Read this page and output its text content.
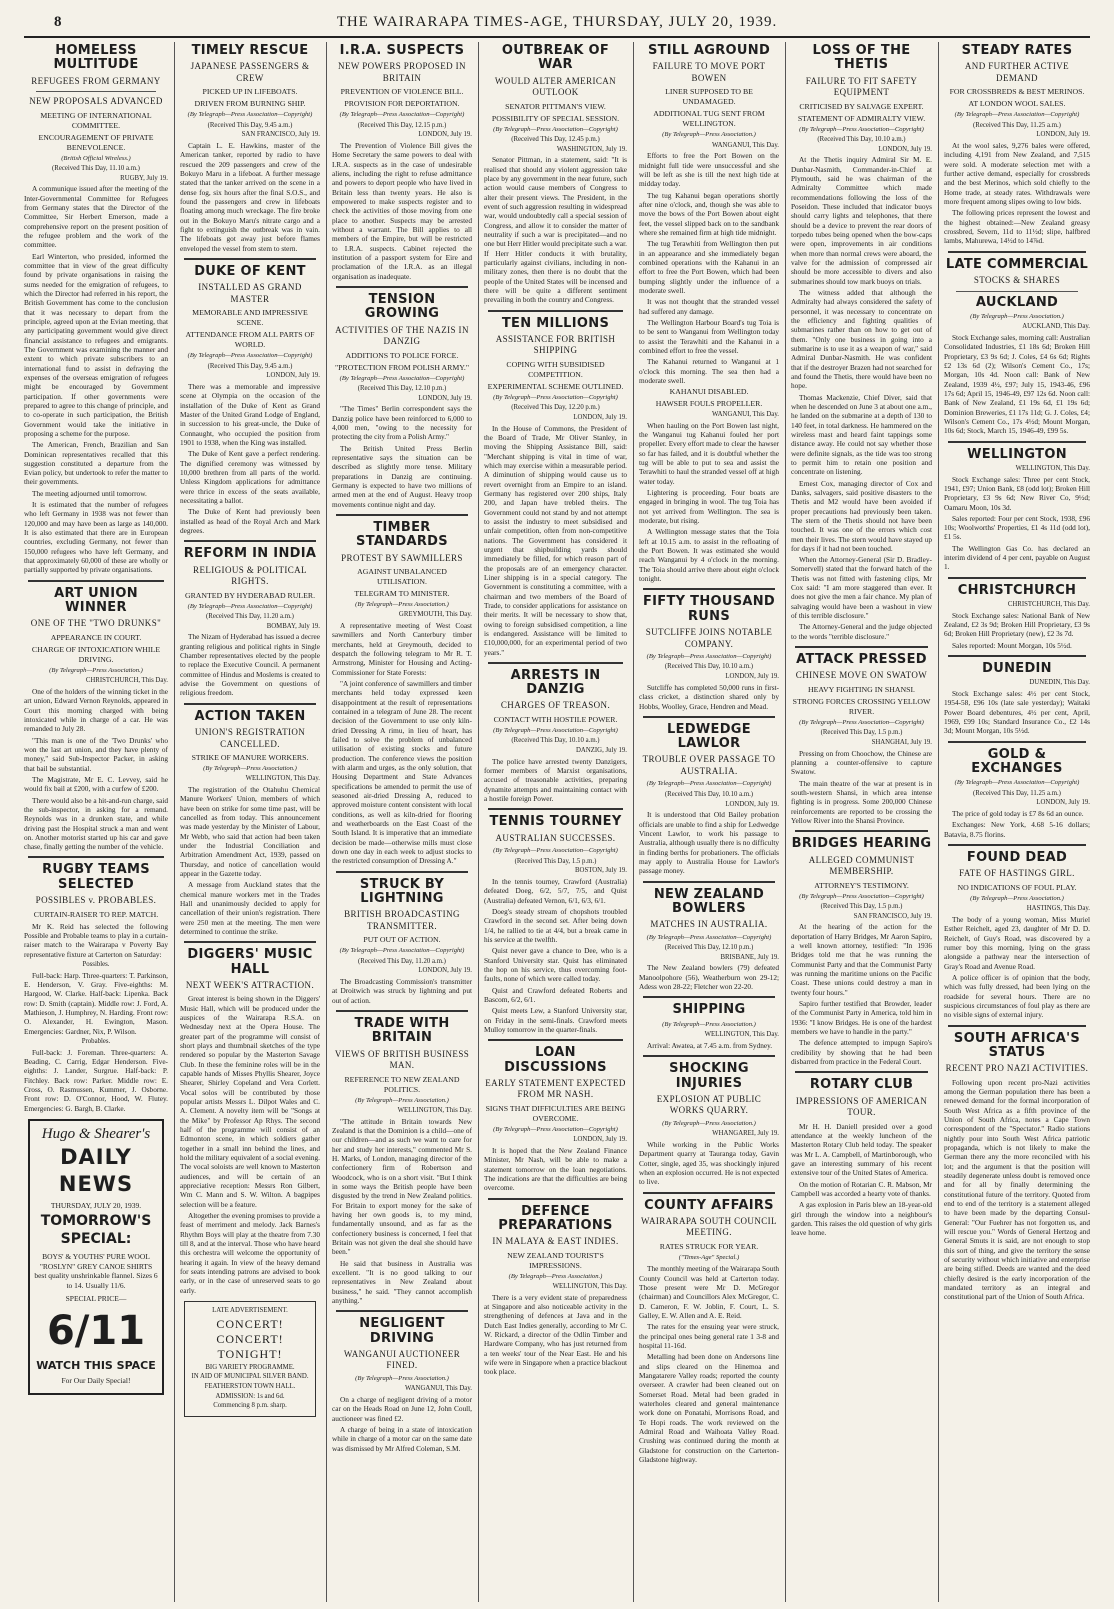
8	THE WAIRARAPA TIMES-AGE, THURSDAY, JULY 20, 1939.
HOMELESS MULTITUDE
REFUGEES FROM GERMANY
NEW PROPOSALS ADVANCED
MEETING OF INTERNATIONAL COMMITTEE.
ENCOURAGEMENT OF PRIVATE BENEVOLENCE.
(British Official Wireless.)
(Received This Day, 11.10 a.m.)
RUGBY, July 19.

A communique issued after the meeting of the Inter-Governmental Committee for Refugees from Germany states that the Director of the Committee, Sir Herbert Emerson, made a comprehensive report on the present position of the refugee problem and the work of the committee.

Earl Winterton, who presided, informed the committee that in view of the great difficulty found by private organisations in raising the sums needed for the emigration of refugees, to which the Director had referred in his report, the British Government has come to the conclusion that it was necessary to depart from the principle, agreed upon at the Evian meeting, that any participating government would give direct financial assistance to refugees and emigrants. The Government was examining the manner and extent to which private subscribers to an international fund to assist in defraying the expenses of the overseas emigration of refugees might be encouraged by Government participation. If other governments were prepared to agree to this change of principle, and to co-operate in such participation, the British Government would take the initiative in proposing a scheme for the purpose.

The American, French, Brazilian and San Dominican representatives recalled that this suggestion constituted a departure from the Evian policy, but undertook to refer the matter to their governments.

The meeting adjourned until tomorrow.

It is estimated that the number of refugees who left Germany in 1938 was not fewer than 120,000 and may have been as large as 140,000. It is also estimated that there are in European countries, excluding Germany, not fewer than 150,000 refugees who have left Germany, and that approximately 60,000 of these are wholly or partially supported by private organisations.

ART UNION WINNER
ONE OF THE "TWO DRUNKS"
APPEARANCE IN COURT.
CHARGE OF INTOXICATION WHILE DRIVING.
(By Telegraph—Press Association.)
CHRISTCHURCH, This Day.

One of the holders of the winning ticket in the art union, Edward Vernon Reynolds, appeared in Court this morning charged with being intoxicated while in charge of a car. He was remanded to July 28.

"This man is one of the 'Two Drunks' who won the last art union, and they have plenty of money," said Sub-Inspector Packer, in asking that bail be substantial.

The Magistrate, Mr E. C. Levvey, said he would fix bail at £200, with a curfew of £200.

There would also be a hit-and-run charge, said the sub-inspector, in asking for a remand. Reynolds was in a drunken state, and while driving past the Hospital struck a man and went on. Another motorist started up his car and gave chase, finally getting the number of the vehicle.

RUGBY TEAMS SELECTED
POSSIBLES v. PROBABLES.
CURTAIN-RAISER TO REP. MATCH.

Mr K. Reid has selected the following Possible and Probable teams to play in a curtain-raiser match to the Wairarapa v Poverty Bay representative fixture at Carterton on Saturday:

Possibles.

Full-back: Harp. Three-quarters: T. Parkinson, E. Henderson, V. Gray. Five-eighths: M. Hargood, W. Clarke. Half-back: Lipenka. Back row: D. Smith (captain). Middle row: J. Ford, A. Mathieson, J. Humphrey, N. Harding. Front row: O. Alexander, H. Ewington, Mason. Emergencies: Gardner, Nix, P. Wilson.

Probables.

Full-back: J. Foreman. Three-quarters: A. Beading, C. Carrig, Edgar Henderson. Five-eighths: J. Lander, Surgrue. Half-back: P. Fitchley. Back row: Parker. Middle row: E. Cross, O. Rasmussen, Kummer, J. Osborne. Front row: D. O'Connor, Hood, W. Flutey. Emergencies: G. Bargh, B. Clarke.

Hugo & Shearer's
DAILY NEWS
THURSDAY, JULY 20, 1939.
TOMORROW'S
SPECIAL:
BOYS' & YOUTHS' PURE WOOL "ROSLYN" GREY CANOE SHIRTS best quality unshrinkable flannel. Sizes 6 to 14. Usually 11/6.
SPECIAL PRICE—
6/11
WATCH THIS SPACE
For Our Daily Special!
TIMELY RESCUE
JAPANESE PASSENGERS & CREW
PICKED UP IN LIFEBOATS.
DRIVEN FROM BURNING SHIP.
(By Telegraph—Press Association—Copyright)
(Received This Day, 9.45 a.m.)
SAN FRANCISCO, July 19.

Captain L. E. Hawkins, master of the American tanker, reported by radio to have rescued the 209 passengers and crew of the Bokuyo Maru in a lifeboat. A further message stated that the tanker arrived on the scene in a dense fog, six hours after the final S.O.S., and found the passengers and crew in lifeboats floating among much wreckage. The fire broke out in the Bokuyo Maru's nitrate cargo and a fight to extinguish the outbreak was in vain. The lifeboats got away just before flames enveloped the vessel from stem to stern.

DUKE OF KENT
INSTALLED AS GRAND MASTER
MEMORABLE AND IMPRESSIVE SCENE.
ATTENDANCE FROM ALL PARTS OF WORLD.
(By Telegraph—Press Association—Copyright)
(Received This Day, 9.45 a.m.)
LONDON, July 19.

There was a memorable and impressive scene at Olympia on the occasion of the installation of the Duke of Kent as Grand Master of the United Grand Lodge of England, in succession to his great-uncle, the Duke of Connaught, who occupied the position from 1901 to 1938, when the King was installed.

The Duke of Kent gave a perfect rendering. The dignified ceremony was witnessed by 10,000 brethren from all parts of the world. Unless Kingdom applications for admittance were thrice in excess of the seats available, necessitating a ballot.

The Duke of Kent had previously been installed as head of the Royal Arch and Mark degrees.

REFORM IN INDIA
RELIGIOUS & POLITICAL RIGHTS.
GRANTED BY HYDERABAD RULER.
(By Telegraph—Press Association—Copyright)
(Received This Day, 11.20 a.m.)
BOMBAY, July 19.

The Nizam of Hyderabad has issued a decree granting religious and political rights in Single Chamber representatives elected by the people to replace the Executive Council. A permanent committee of Hindus and Moslems is created to advise the Government on questions of religious freedom.

ACTION TAKEN
UNION'S REGISTRATION CANCELLED.
STRIKE OF MANURE WORKERS.
(By Telegraph—Press Association.)
WELLINGTON, This Day.

The registration of the Otahuhu Chemical Manure Workers' Union, members of which have been on strike for some time past, will be cancelled as from today. This announcement was made yesterday by the Minister of Labour, Mr Webb, who said that action had been taken under the Industrial Conciliation and Arbitration Amendment Act, 1939, passed on Thursday, and notice of cancellation would appear in the Gazette today.

A message from Auckland states that the chemical manure workers met in the Trades Hall and unanimously decided to apply for cancellation of their union's registration. There were 250 men at the meeting. The men were determined to continue the strike.

DIGGERS' MUSIC HALL
NEXT WEEK'S ATTRACTION.

Great interest is being shown in the Diggers' Music Hall, which will be produced under the auspices of the Wairarapa R.S.A. on Wednesday next at the Opera House. The greater part of the programme will consist of short plays and thumbnail sketches of the type rendered so popular by the Masterton Savage Club. In these the feminine roles will be in the capable hands of Misses Phyllis Shearer, Joyce Shearer, Shirley Copeland and Vera Corlett. Vocal solos will be contributed by those popular artists Messrs L. Dilpot Wales and C. A. Clement. A novelty item will be "Songs at the Mike" by Professor Ap Rhys. The second half of the programme will consist of an Edmonton scene, in which soldiers gather together in a small inn behind the lines, and hold the military equivalent of a social evening. The vocal soloists are well known to Masterton audiences, and will be certain of an appreciative reception: Messrs Ron Gilbert, Wm C. Mann and S. W. Wilton. A bagpipes selection will be a feature.

Altogether the evening promises to provide a feast of merriment and melody. Jack Barnes's Rhythm Boys will play at the theatre from 7.30 till 8, and at the interval. Those who have heard this orchestra will welcome the opportunity of hearing it again. In view of the heavy demand for seats intending patrons are advised to book early, or in the case of unreserved seats to go early.

LATE ADVERTISEMENT.
CONCERT! CONCERT!
TONIGHT!
BIG VARIETY PROGRAMME.
IN AID OF MUNICIPAL SILVER BAND.
FEATHERSTON TOWN HALL.
ADMISSION: 1s and 6d.
Commencing 8 p.m. sharp.
I.R.A. SUSPECTS
NEW POWERS PROPOSED IN BRITAIN
PREVENTION OF VIOLENCE BILL.
PROVISION FOR DEPORTATION.
(By Telegraph—Press Association—Copyright)
(Received This Day, 12.15 p.m.)
LONDON, July 19.

The Prevention of Violence Bill gives the Home Secretary the same powers to deal with I.R.A. suspects as in the case of undesirable aliens, including the right to refuse admittance and powers to deport people who have lived in Britain less than twenty years. He also is empowered to make suspects register and to check the activities of those moving from one place to another. Suspects may be arrested without a warrant. The Bill applies to all members of the Empire, but will be restricted to I.R.A. suspects. Cabinet rejected the institution of a passport system for Eire and proclamation of the I.R.A. as an illegal organisation as inadequate.

TENSION GROWING
ACTIVITIES OF THE NAZIS IN DANZIG
ADDITIONS TO POLICE FORCE.
"PROTECTION FROM POLISH ARMY."
(By Telegraph—Press Association—Copyright)
(Received This Day, 12.10 p.m.)
LONDON, July 19.

"The Times" Berlin correspondent says the Danzig police have been reinforced to 6,000 to 4,000 men, "owing to the necessity for protecting the city from a Polish Army."

The British United Press Berlin representative says the situation can be described as slightly more tense. Military preparations in Danzig are continuing. Germany is expected to have two millions of armed men at the end of August. Heavy troop movements continue night and day.

TIMBER STANDARDS
PROTEST BY SAWMILLERS
AGAINST UNBALANCED UTILISATION.
TELEGRAM TO MINISTER.
(By Telegraph—Press Association.)
GREYMOUTH, This Day.

A representative meeting of West Coast sawmillers and North Canterbury timber merchants, held at Greymouth, decided to despatch the following telegram to Mr R. T. Armstrong, Minister for Housing and Acting-Commissioner for State Forests:

"A joint conference of sawmillers and timber merchants held today expressed keen disappointment at the result of representations contained in a telegram of June 28. The recent decision of the Government to use only kiln-dried Dressing A rimu, in lieu of heart, has failed to solve the problem of unbalanced utilisation of existing stocks and future production. The conference views the position with alarm and urges, as the only solution, that Housing Department and State Advances specifications be amended to permit the use of seasoned air-dried Dressing A, reduced to approved moisture content consistent with local conditions, as well as kiln-dried for flooring and weatherboards on the East Coast of the South Island. It is imperative that an immediate decision be made—otherwise mills must close down one day in each week to adjust stocks to the restricted consumption of Dressing A."

STRUCK BY LIGHTNING
BRITISH BROADCASTING TRANSMITTER.
PUT OUT OF ACTION.
(By Telegraph—Press Association—Copyright)
(Received This Day, 11.20 a.m.)
LONDON, July 19.

The Broadcasting Commission's transmitter at Droitwich was struck by lightning and put out of action.

TRADE WITH BRITAIN
VIEWS OF BRITISH BUSINESS MAN.
REFERENCE TO NEW ZEALAND POLITICS.
(By Telegraph—Press Association.)
WELLINGTON, This Day.

"The attitude in Britain towards New Zealand is that the Dominion is a child—one of our children—and as such we want to care for her and study her interests," commented Mr S. H. Marks, of London, managing director of the confectionery firm of Robertson and Woodcock, who is on a short visit. "But I think in some ways the British people have been disgusted by the trend in New Zealand politics. For Britain to export money for the sake of having her own goods is, to my mind, fundamentally unsound, and as far as the confectionery business is concerned, I feel that Britain was not given the deal she should have been."

He said that business in Australia was excellent. "It is no good talking to our representatives in New Zealand about business," he said. "They cannot accomplish anything."

NEGLIGENT DRIVING
WANGANUI AUCTIONEER FINED.
(By Telegraph—Press Association.)
WANGANUI, This Day.

On a charge of negligent driving of a motor car on the Heads Road on June 12, John Coull, auctioneer was fined £2.

A charge of being in a state of intoxication while in charge of a motor car on the same date was dismissed by Mr Alfred Coleman, S.M.

OUTBREAK OF WAR
WOULD ALTER AMERICAN OUTLOOK
SENATOR PITTMAN'S VIEW.
POSSIBILITY OF SPECIAL SESSION.
(By Telegraph—Press Association—Copyright)
(Received This Day, 12.45 p.m.)
WASHINGTON, July 19.

Senator Pittman, in a statement, said: "It is realised that should any violent aggression take place by any government in the near future, such action would cause members of Congress to alter their present views. The President, in the event of such aggression resulting in widespread war, would undoubtedly call a special session of Congress, and allow it to consider the matter of neutrality if such a war is precipitated—and no one but Herr Hitler would precipitate such a war. If Herr Hitler conducts it with brutality, particularly against civilians, including in non-military zones, then there is no doubt that the people of the United States will be incensed and there will be quite a different sentiment prevailing in both the country and Congress.

TEN MILLIONS
ASSISTANCE FOR BRITISH SHIPPING
COPING WITH SUBSIDISED COMPETITION.
EXPERIMENTAL SCHEME OUTLINED.
(By Telegraph—Press Association—Copyright)
(Received This Day, 12.20 p.m.)
LONDON, July 19.

In the House of Commons, the President of the Board of Trade, Mr Oliver Stanley, in moving the Shipping Assistance Bill, said: "Merchant shipping is vital in time of war, which may exercise within a measurable period. A diminution of shipping would cause us to revert overnight from an Empire to an island. Germany has registered over 200 ships, Italy 200, and Japan have trebled theirs. The Government could not stand by and not attempt to assist the industry to meet subsidised and unfair competition, often from non-competitive nations. The Government has considered it urgent that shipbuilding yards should immediately be filled, for which reason part of the proposals are of an emergency character. Liner shipping is in a special category. The Government is constituting a committee, with a chairman and two members of the Board of Trade, to consider applications for assistance on their merits. It will be necessary to show that, owing to foreign subsidised competition, a line is endangered. Assistance will be limited to £10,000,000, for an experimental period of two years."

ARRESTS IN DANZIG
CHARGES OF TREASON.
CONTACT WITH HOSTILE POWER.
(By Telegraph—Press Association—Copyright)
(Received This Day, 10.10 a.m.)
DANZIG, July 19.

The police have arrested twenty Danzigers, former members of Marxist organisations, accused of treasonable activities, preparing dynamite attempts and maintaining contact with a hostile foreign Power.

TENNIS TOURNEY
AUSTRALIAN SUCCESSES.
(By Telegraph—Press Association—Copyright)
(Received This Day, 1.5 p.m.)
BOSTON, July 19.

In the tennis tourney, Crawford (Australia) defeated Doeg, 6/2, 5/7, 7/5, and Quist (Australia) defeated Vernon, 6/1, 6/3, 6/1.

Doeg's steady stream of chopshots troubled Crawford in the second set. After being down 1/4, he rallied to tie at 4/4, but a break came in his service at the twelfth.

Quist never gave a chance to Dee, who is a Stanford University star. Quist has eliminated the hop on his service, thus overcoming foot-faults, none of which were called today.

Quist and Crawford defeated Roberts and Bascom, 6/2, 6/1.

Quist meets Lew, a Stanford University star, on Friday in the semi-finals. Crawford meets Mulloy tomorrow in the quarter-finals.

LOAN DISCUSSIONS
EARLY STATEMENT EXPECTED FROM MR NASH.
SIGNS THAT DIFFICULTIES ARE BEING OVERCOME.
(By Telegraph—Press Association—Copyright)
LONDON, July 19.

It is hoped that the New Zealand Finance Minister, Mr Nash, will be able to make a statement tomorrow on the loan negotiations. The indications are that the difficulties are being overcome.

DEFENCE PREPARATIONS
IN MALAYA & EAST INDIES.
NEW ZEALAND TOURIST'S IMPRESSIONS.
(By Telegraph—Press Association.)
WELLINGTON, This Day.

There is a very evident state of preparedness at Singapore and also noticeable activity in the strengthening of defences at Java and in the Dutch East Indies generally, according to Mr C. W. Rickard, a director of the Odlin Timber and Hardware Company, who has just returned from a ten weeks' tour of the Near East. He and his wife were in Singapore when a practice blackout took place.

STILL AGROUND
FAILURE TO MOVE PORT BOWEN
LINER SUPPOSED TO BE UNDAMAGED.
ADDITIONAL TUG SENT FROM WELLINGTON.
(By Telegraph—Press Association.)
WANGANUI, This Day.

Efforts to free the Port Bowen on the midnight full tide were unsuccessful and she will be left as she is till the next high tide at midday today.

The tug Kahanui began operations shortly after nine o'clock, and, though she was able to move the bows of the Port Bowen about eight feet, the vessel slipped back on to the sandbank where she remained firm at high tide midnight.

The tug Terawhiti from Wellington then put in an appearance and she immediately began combined operations with the Kahanui in an effort to free the Port Bowen, which had been bumping slightly under the influence of a moderate swell.

It was not thought that the stranded vessel had suffered any damage.

The Wellington Harbour Board's tug Toia is to be sent to Wanganui from Wellington today to assist the Terawhiti and the Kahanui in a combined effort to free the vessel.

The Kahanui returned to Wanganui at 1 o'clock this morning. The sea then had a moderate swell.

KAHANUI DISABLED.
HAWSER FOULS PROPELLER.
WANGANUI, This Day.

When hauling on the Port Bowen last night, the Wanganui tug Kahanui fouled her port propeller. Every effort made to clear the hawser so far has failed, and it is doubtful whether the tug will be able to put to sea and assist the Terawhiti to haul the stranded vessel off at high water today.

Lightering is proceeding. Four boats are engaged in bringing in wool. The tug Toia has not yet arrived from Wellington. The sea is moderate, but rising.

A Wellington message states that the Toia left at 10.15 a.m. to assist in the refloating of the Port Bowen. It was estimated she would reach Wanganui by 4 o'clock in the morning. The Toia should arrive there about eight o'clock tonight.

FIFTY THOUSAND RUNS
SUTCLIFFE JOINS NOTABLE COMPANY.
(By Telegraph—Press Association—Copyright)
(Received This Day, 10.10 a.m.)
LONDON, July 19.

Sutcliffe has completed 50,000 runs in first-class cricket, a distinction shared only by Hobbs, Woolley, Grace, Hendren and Mead.

LEDWEDGE LAWLOR
TROUBLE OVER PASSAGE TO AUSTRALIA.
(By Telegraph—Press Association—Copyright)
(Received This Day, 10.10 a.m.)
LONDON, July 19.

It is understood that Old Bailey probation officials are unable to find a ship for Ledwedge Vincent Lawlor, to work his passage to Australia, although usually there is no difficulty in finding berths for probationers. The officials may apply to Australia House for Lawlor's passage money.

NEW ZEALAND BOWLERS
MATCHES IN AUSTRALIA.
(By Telegraph—Press Association—Copyright)
(Received This Day, 12.10 p.m.)
BRISBANE, July 19.

The New Zealand bowlers (79) defeated Manoolpohore (56), Weatherburn won 29-12; Adess won 28-22; Fletcher won 22-20.

SHIPPING
(By Telegraph—Press Association.)
WELLINGTON, This Day.

Arrival: Awatea, at 7.45 a.m. from Sydney.

SHOCKING INJURIES
EXPLOSION AT PUBLIC WORKS QUARRY.
(By Telegraph—Press Association.)
WHANGAREI, July 19.

While working in the Public Works Department quarry at Tauranga today, Gavin Cotter, single, aged 35, was shockingly injured when an explosion occurred. He is not expected to live.

COUNTY AFFAIRS
WAIRARAPA SOUTH COUNCIL MEETING.
RATES STRUCK FOR YEAR.
("Times-Age" Special.)

The monthly meeting of the Wairarapa South County Council was held at Carterton today. Those present were Mr D. McGregor (chairman) and Councillors Alex McGregor, C. D. Cameron, F. W. Joblin, F. Court, L. S. Galley, E. W. Allen and A. E. Reid.

The rates for the ensuing year were struck, the principal ones being general rate 1 3-8 and hospital 11-16d.

Metalling had been done on Andersons line and slips cleared on the Hinemoa and Mangatarere Valley roads; reported the county overseer. A crawler had been cleaned out on Somerset Road. Metal had been graded in waterholes cleared and general maintenance work done on Ponatahi, Morrisons Road, and Te Hopi roads. The work reviewed on the Admiral Road and Waihoata Valley Road. Crushing was continued during the month at Gladstone for construction on the Carterton-Gladstone highway.

LOSS OF THE THETIS
FAILURE TO FIT SAFETY EQUIPMENT
CRITICISED BY SALVAGE EXPERT.
STATEMENT OF ADMIRALTY VIEW.
(By Telegraph—Press Association—Copyright)
(Received This Day, 10.10 a.m.)
LONDON, July 19.

At the Thetis inquiry Admiral Sir M. E. Dunbar-Nasmith, Commander-in-Chief at Plymouth, said he was chairman of the Admiralty Committee which made recommendations following the loss of the Poseidon. These included that indicator buoys should carry lights and telephones, that there should be a device to prevent the rear doors of torpedo tubes being opened when the bow-caps were open, improvements in air conditions when more than normal crews were aboard, the valve for the admission of compressed air should be more accessible to divers and also submarines should tow mark buoys on trials.

The witness added that although the Admiralty had always considered the safety of personnel, it was necessary to concentrate on the efficiency and fighting qualities of submarines rather than on how to get out of them. "Only one business in going into a submarine is to use it as a weapon of war," said Admiral Dunbar-Nasmith. He was confident that if the destroyer Brazen had not searched for and found the Thetis, there would have been no hope.

Thomas Mackenzie, Chief Diver, said that when he descended on June 3 at about one a.m., he landed on the submarine at a depth of 130 to 140 feet, in total darkness. He hammered on the wireless mast and heard faint tappings some distance away. He could not say whether those were definite signals, as the tide was too strong to permit him to retain one position and concentrate on listening.

Ernest Cox, managing director of Cox and Danks, salvagers, said positive disasters to the Thetis and M2 would have been avoided if proper precautions had previously been taken. The stern of the Thetis should not have been touched. It was one of the errors which cost men their lives. The stern would have stayed up for days if it had not been touched.

When the Attorney-General (Sir D. Bradley-Somervell) stated that the forward hatch of the Thetis was not fitted with fastening clips, Mr Cox said: "I am more staggered than ever. It does not give the men a fair chance. My plan of salvaging would have been a washout in view of this terrible disclosure."

The Attorney-General and the judge objected to the words "terrible disclosure."

ATTACK PRESSED
CHINESE MOVE ON SWATOW
HEAVY FIGHTING IN SHANSI.
STRONG FORCES CROSSING YELLOW RIVER.
(By Telegraph—Press Association—Copyright)
(Received This Day, 1.5 p.m.)
SHANGHAI, July 19.

Pressing on from Choochow, the Chinese are planning a counter-offensive to capture Swatow.

The main theatre of the war at present is in south-western Shansi, in which area intense fighting is in progress. Some 200,000 Chinese reinforcements are reported to be crossing the Yellow River into the Shansi Province.

BRIDGES HEARING
ALLEGED COMMUNIST MEMBERSHIP.
ATTORNEY'S TESTIMONY.
(By Telegraph—Press Association—Copyright)
(Received This Day, 1.5 p.m.)
SAN FRANCISCO, July 19.

At the hearing of the action for the deportation of Harry Bridges, Mr Aaron Sapiro, a well known attorney, testified: "In 1936 Bridges told me that he was running the Communist Party and that the Communist Party was running the maritime unions on the Pacific Coast. These unions could destroy a man in twenty four hours."

Sapiro further testified that Browder, leader of the Communist Party in America, told him in 1936: "I know Bridges. He is one of the hardest members we have to handle in the party."

The defence attempted to impugn Sapiro's credibility by showing that he had been disbarred from practice in the Federal Court.

ROTARY CLUB
IMPRESSIONS OF AMERICAN TOUR.

Mr H. H. Daniell presided over a good attendance at the weekly luncheon of the Masterton Rotary Club held today. The speaker was Mr L. A. Campbell, of Martinborough, who gave an interesting summary of his recent extensive tour of the United States of America.

On the motion of Rotarian C. R. Mabson, Mr Campbell was accorded a hearty vote of thanks.

A gas explosion in Paris blew an 18-year-old girl through the window into a neighbour's garden. This raises the old question of why girls leave home.

STEADY RATES
AND FURTHER ACTIVE DEMAND
FOR CROSSBREDS & BEST MERINOS.
AT LONDON WOOL SALES.
(By Telegraph—Press Association—Copyright)
(Received This Day, 11.25 a.m.)
LONDON, July 19.

At the wool sales, 9,276 bales were offered, including 4,191 from New Zealand, and 7,515 were sold. A moderate selection met with a further active demand, especially for crossbreds and the best Merinos, which sold chiefly to the Home trade, at steady rates. Withdrawals were more frequent among slipes owing to low bids.

The following prices represent the lowest and the highest obtained:—New Zealand greasy crossbred, Severn, 11d to 11½d; slipe, halfbred lambs, Mahurewa, 14½d to 14⅞d.

LATE COMMERCIAL
STOCKS & SHARES
AUCKLAND
(By Telegraph—Press Association.)
AUCKLAND, This Day.

Stock Exchange sales, morning call: Australian Consolidated Industries, £1 18s 6d; Broken Hill Proprietary, £3 9s 6d; J. Coles, £4 6s 6d; Rights £2 13s 6d (2); Wilson's Cement Co., 17s; Morgan, 10s 4d. Noon call: Bank of New Zealand, 1939 4½, £97; July 15, 1943-46, £96 17s 6d; April 15, 1946-49, £97 12s 6d. Noon call: Bank of New Zealand, £1 19s 6d, £1 19s 6d; Dominion Breweries, £1 17s 11d; G. J. Coles, £4; Wilson's Cement Co., 17s 4½d; Mount Morgan, 10s 6d; Stock, March 15, 1946-49, £99 5s.

WELLINGTON
WELLINGTON, This Day.

Stock Exchange sales: Three per cent Stock, 1941, £97; Union Bank, £8 (odd lot); Broken Hill Proprietary, £3 9s 6d; New River Co, 9½d; Oamaru Moon, 10s 3d.

Sales reported: Four per cent Stock, 1938, £96 10s; Woolworths' Properties, £1 4s 11d (odd lot), £1 5s.

The Wellington Gas Co. has declared an interim dividend of 4 per cent, payable on August 1.

CHRISTCHURCH
CHRISTCHURCH, This Day.

Stock Exchange sales: National Bank of New Zealand, £2 3s 9d; Broken Hill Proprietary, £3 9s 6d; Broken Hill Proprietary (new), £2 3s 7d.

Sales reported: Mount Morgan, 10s 5½d.

DUNEDIN
DUNEDIN, This Day.

Stock Exchange sales: 4½ per cent Stock, 1954-58, £96 10s (late sale yesterday); Waitaki Power Board debentures, 4½ per cent, April, 1969, £99 10s; Standard Insurance Co., £2 14s 3d; Mount Morgan, 10s 5½d.

GOLD & EXCHANGES
(By Telegraph—Press Association—Copyright)
(Received This Day, 11.25 a.m.)
LONDON, July 19.

The price of gold today is £7 8s 6d an ounce.

Exchanges: New York, 4.68 5-16 dollars; Batavia, 8.75 florins.

FOUND DEAD
FATE OF HASTINGS GIRL.
NO INDICATIONS OF FOUL PLAY.
(By Telegraph—Press Association.)
HASTINGS, This Day.

The body of a young woman, Miss Muriel Esther Reichelt, aged 23, daughter of Mr D. D. Reichelt, of Guy's Road, was discovered by a rumer boy this morning, lying on the grass alongside a pathway near the intersection of Gray's Road and Avenue Road.

A police officer is of opinion that the body, which was fully dressed, had been lying on the roadside for several hours. There are no suspicious circumstances of foul play as there are no visible signs of external injury.

SOUTH AFRICA'S STATUS
RECENT PRO NAZI ACTIVITIES.

Following upon recent pro-Nazi activities among the German population there has been a renewed demand for the formal incorporation of South West Africa as a fifth province of the Union of South Africa, notes a Cape Town correspondent of the "Spectator." Radio stations nightly pour into South West Africa patriotic propaganda, which is not likely to make the German there any the more reconciled with his lot; and the argument is that the position will steadily degenerate unless doubt is removed once and for all by finally determining the constitutional future of the territory. Quoted from end to end of the territory is a statement alleged to have been made by the departing Consul-General: "Our Fuehrer has not forgotten us, and will rescue you." Words of General Hertzog and General Smuts it is said, are not enough to stop this sort of thing, and give the territory the sense of security without which initiative and enterprise are being stifled. Deeds are wanted and the deed chiefly desired is the early incorporation of the mandated territory as an integral and constitutional part of the Union of South Africa.
